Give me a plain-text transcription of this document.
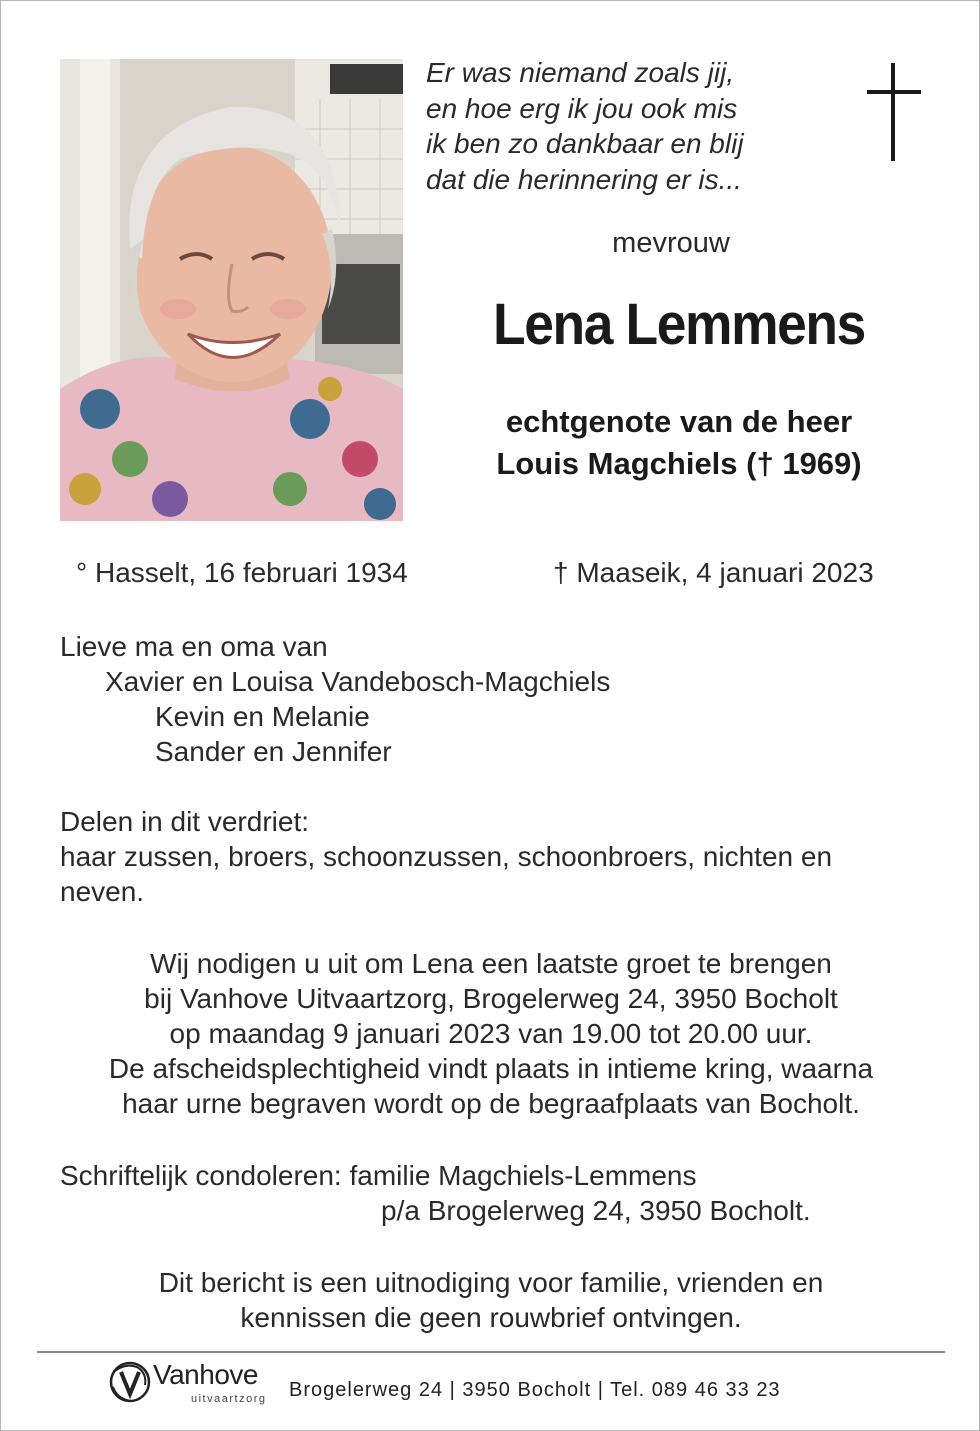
Er was niemand zoals jij,
en hoe erg ik jou ook mis
ik ben zo dankbaar en blij
dat die herinnering er is...
mevrouw
Lena Lemmens
echtgenote van de heer
Louis Magchiels († 1969)
° Hasselt, 16 februari 1934	† Maaseik, 4 januari 2023
Lieve ma en oma van
Xavier en Louisa Vandebosch-Magchiels
Kevin en Melanie
Sander en Jennifer
Delen in dit verdriet:
haar zussen, broers, schoonzussen, schoonbroers, nichten en
neven.
Wij nodigen u uit om Lena een laatste groet te brengen
bij Vanhove Uitvaartzorg, Brogelerweg 24, 3950 Bocholt
op maandag 9 januari 2023 van 19.00 tot 20.00 uur.
De afscheidsplechtigheid vindt plaats in intieme kring, waarna
haar urne begraven wordt op de begraafplaats van Bocholt.
Schriftelijk condoleren: familie Magchiels-Lemmens
p/a Brogelerweg 24, 3950 Bocholt.
Dit bericht is een uitnodiging voor familie, vrienden en
kennissen die geen rouwbrief ontvingen.
Vanhove
uitvaartzorg Brogelerweg 24 | 3950 Bocholt | Tel. 089 46 33 23
